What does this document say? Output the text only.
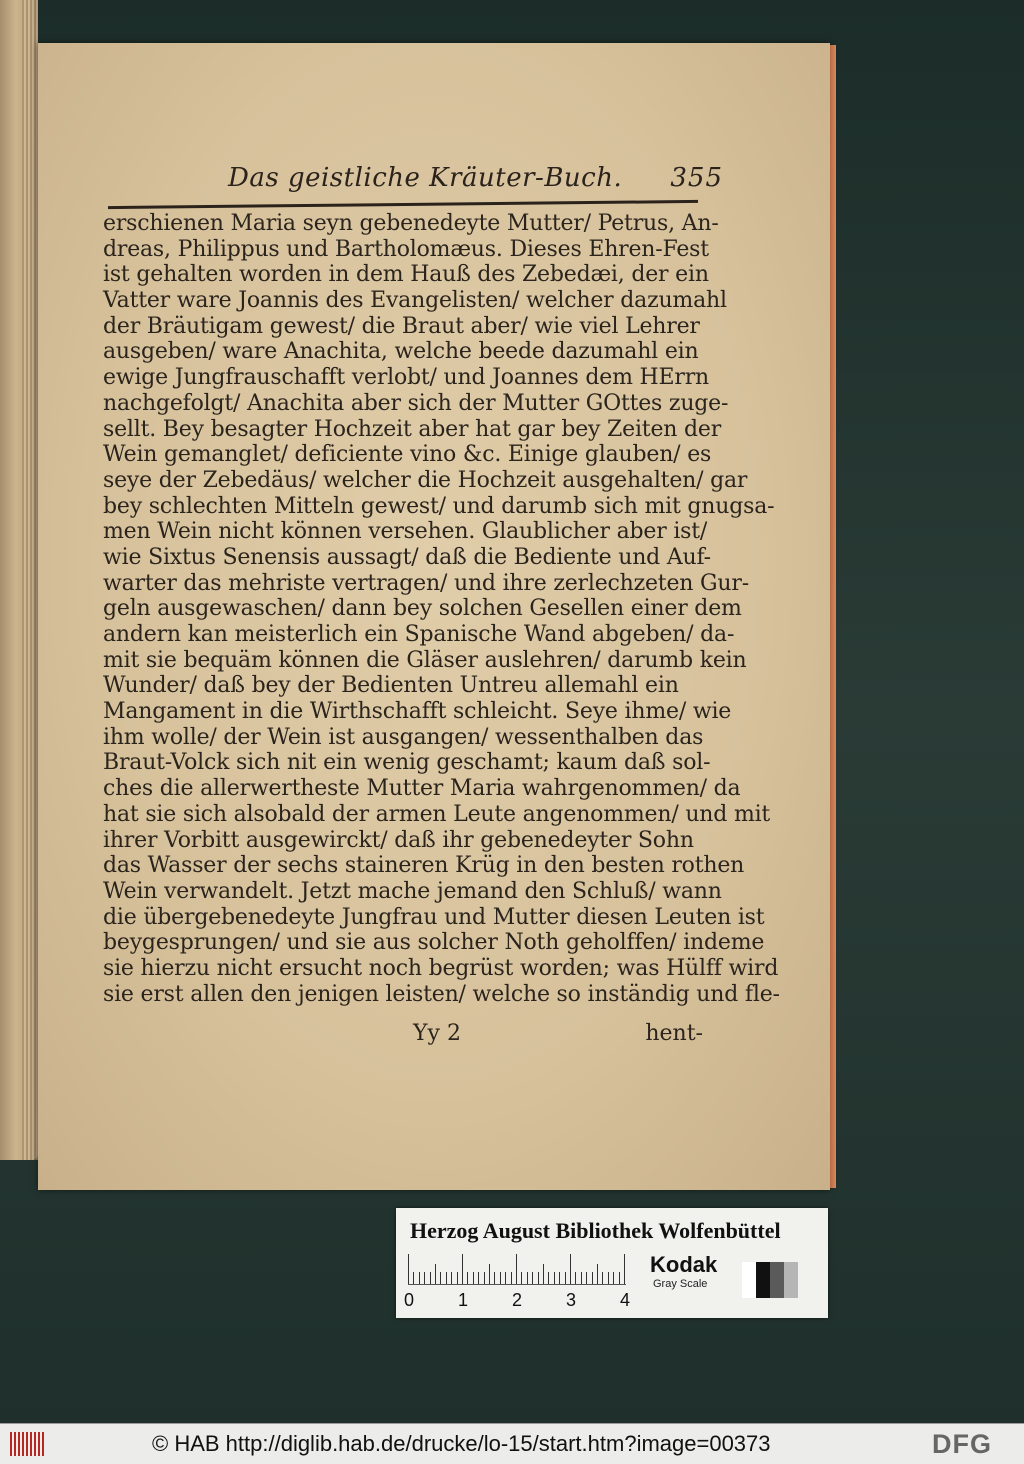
Das geistliche Kräuter-Buch. 355
erschienen Maria seyn gebenedeyte Mutter/ Petrus, An-
dreas, Philippus und Bartholomæus. Dieses Ehren-Fest
ist gehalten worden in dem Hauß des Zebedæi, der ein
Vatter ware Joannis des Evangelisten/ welcher dazumahl
der Bräutigam gewest/ die Braut aber/ wie viel Lehrer
ausgeben/ ware Anachita, welche beede dazumahl ein
ewige Jungfrauschafft verlobt/ und Joannes dem HErrn
nachgefolgt/ Anachita aber sich der Mutter GOttes zuge-
sellt. Bey besagter Hochzeit aber hat gar bey Zeiten der
Wein gemanglet/ deficiente vino &c. Einige glauben/ es
seye der Zebedäus/ welcher die Hochzeit ausgehalten/ gar
bey schlechten Mitteln gewest/ und darumb sich mit gnugsa-
men Wein nicht können versehen. Glaublicher aber ist/
wie Sixtus Senensis aussagt/ daß die Bediente und Auf-
warter das mehriste vertragen/ und ihre zerlechzeten Gur-
geln ausgewaschen/ dann bey solchen Gesellen einer dem
andern kan meisterlich ein Spanische Wand abgeben/ da-
mit sie bequäm können die Gläser auslehren/ darumb kein
Wunder/ daß bey der Bedienten Untreu allemahl ein
Mangament in die Wirthschafft schleicht. Seye ihme/ wie
ihm wolle/ der Wein ist ausgangen/ wessenthalben das
Braut-Volck sich nit ein wenig geschamt; kaum daß sol-
ches die allerwertheste Mutter Maria wahrgenommen/ da
hat sie sich alsobald der armen Leute angenommen/ und mit
ihrer Vorbitt ausgewirckt/ daß ihr gebenedeyter Sohn
das Wasser der sechs staineren Krüg in den besten rothen
Wein verwandelt. Jetzt mache jemand den Schluß/ wann
die übergebenedeyte Jungfrau und Mutter diesen Leuten ist
beygesprungen/ und sie aus solcher Noth geholffen/ indeme
sie hierzu nicht ersucht noch begrüst worden; was Hülff wird
sie erst allen den jenigen leisten/ welche so inständig und fle-
Yy 2	hent-
Herzog August Bibliothek Wolfenbüttel
0 1 2 3 4
Kodak
Gray Scale
© HAB http://diglib.hab.de/drucke/lo-15/start.htm?image=00373	DFG
